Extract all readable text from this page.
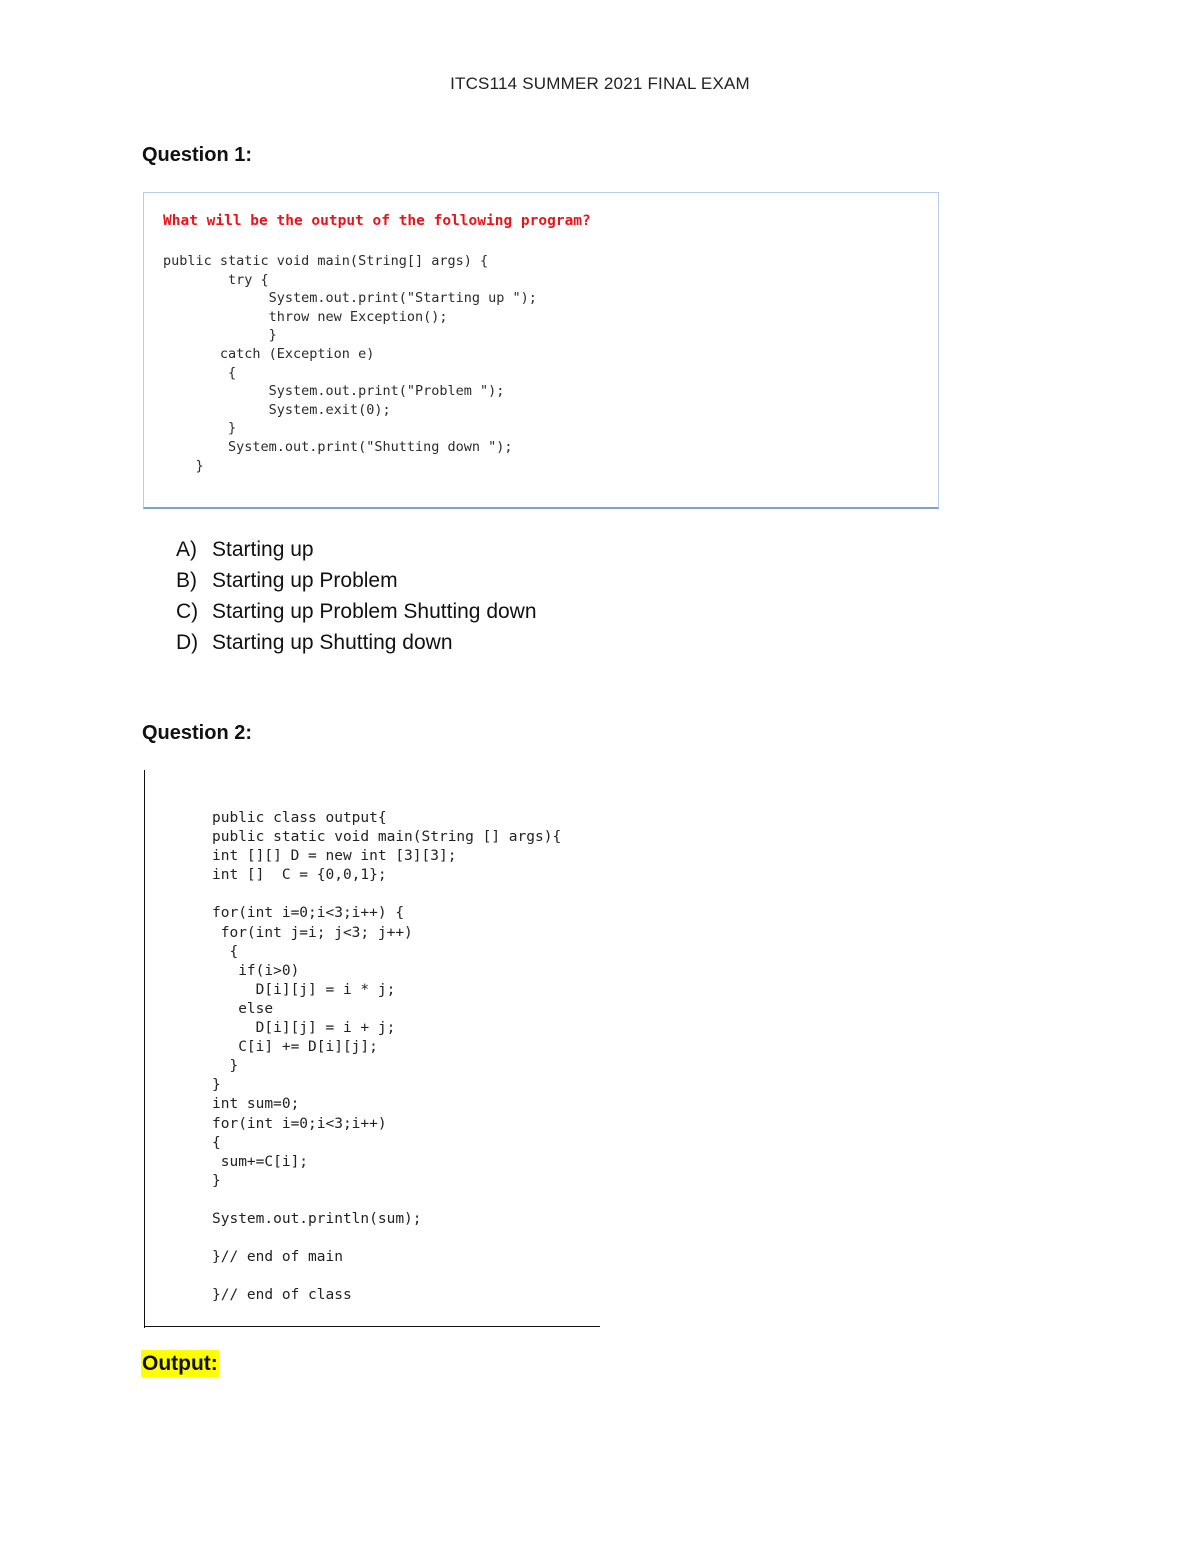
ITCS114 SUMMER 2021 FINAL EXAM
Question 1:
What will be the output of the following program?
public static void main(String[] args) {
try {
System.out.print("Starting up ");
throw new Exception();
}
catch (Exception e)
{
System.out.print("Problem ");
System.exit(0);
}
System.out.print("Shutting down ");
}
A) Starting up
B) Starting up Problem
C) Starting up Problem Shutting down
D) Starting up Shutting down
Question 2:
public class output{
public static void main(String [] args){
int [][] D = new int [3][3];
int []  C = {0,0,1};
for(int i=0;i<3;i++) {
for(int j=i; j<3; j++)
{
if(i>0)
D[i][j] = i * j;
else
D[i][j] = i + j;
C[i] += D[i][j];
}
}
int sum=0;
for(int i=0;i<3;i++)
{
sum+=C[i];
}
System.out.println(sum);
}// end of main
}// end of class
Output:
